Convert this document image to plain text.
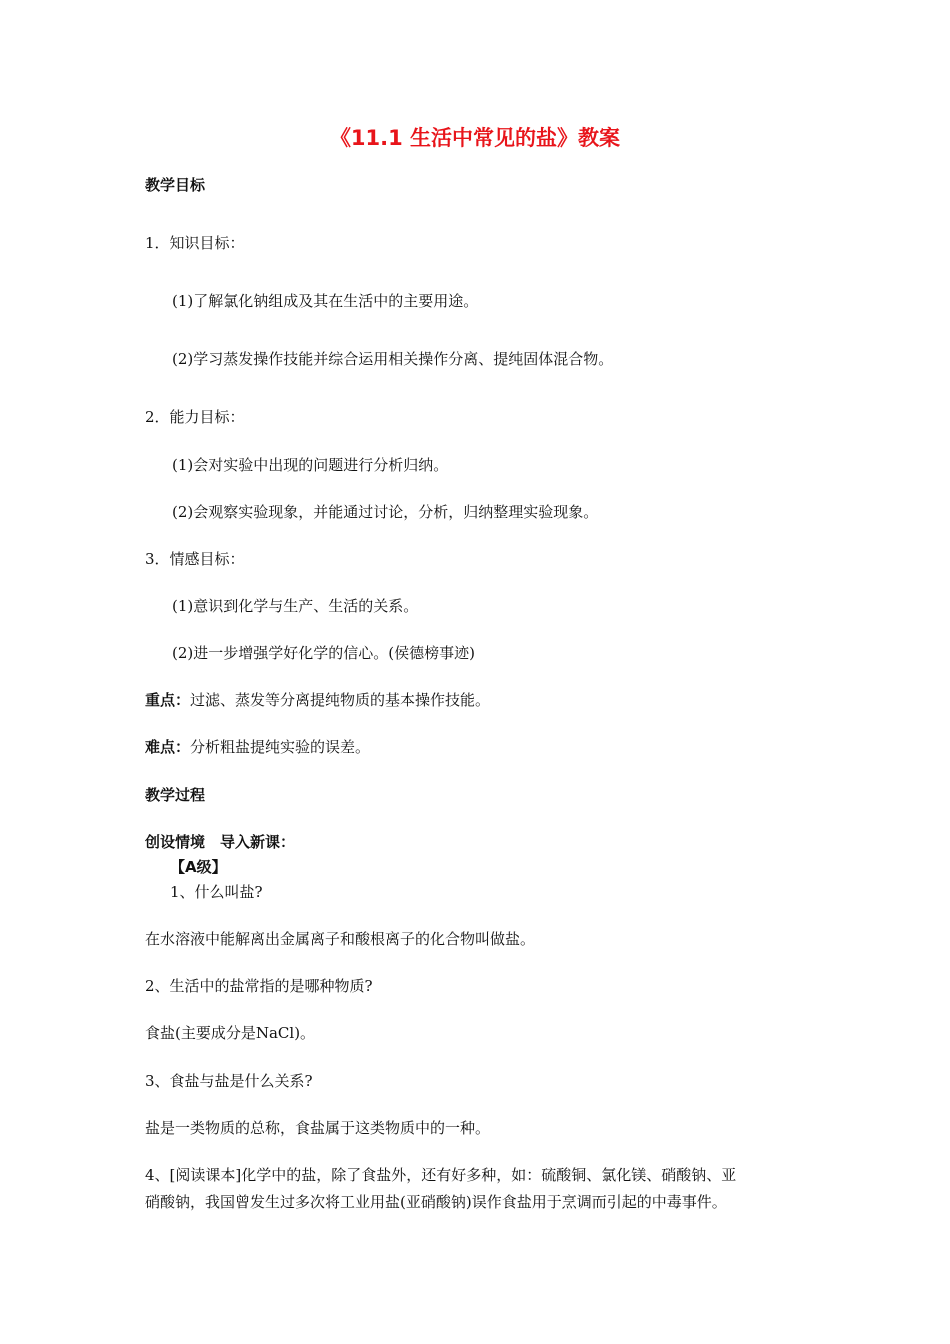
《11.1 生活中常见的盐》教案
教学目标
1．知识目标：
(1)了解氯化钠组成及其在生活中的主要用途。
(2)学习蒸发操作技能并综合运用相关操作分离、提纯固体混合物。
2．能力目标：
(1)会对实验中出现的问题进行分析归纳。
(2)会观察实验现象，并能通过讨论，分析，归纳整理实验现象。
3．情感目标：
(1)意识到化学与生产、生活的关系。
(2)进一步增强学好化学的信心。(侯德榜事迹)
重点：过滤、蒸发等分离提纯物质的基本操作技能。
难点：分析粗盐提纯实验的误差。
教学过程
创设情境　导入新课：
【A级】
1、什么叫盐?
在水溶液中能解离出金属离子和酸根离子的化合物叫做盐。
2、生活中的盐常指的是哪种物质?
食盐(主要成分是NaCl)。
3、食盐与盐是什么关系?
盐是一类物质的总称，食盐属于这类物质中的一种。
4、[阅读课本]化学中的盐，除了食盐外，还有好多种，如：硫酸铜、氯化镁、硝酸钠、亚
硝酸钠，我国曾发生过多次将工业用盐(亚硝酸钠)误作食盐用于烹调而引起的中毒事件。
